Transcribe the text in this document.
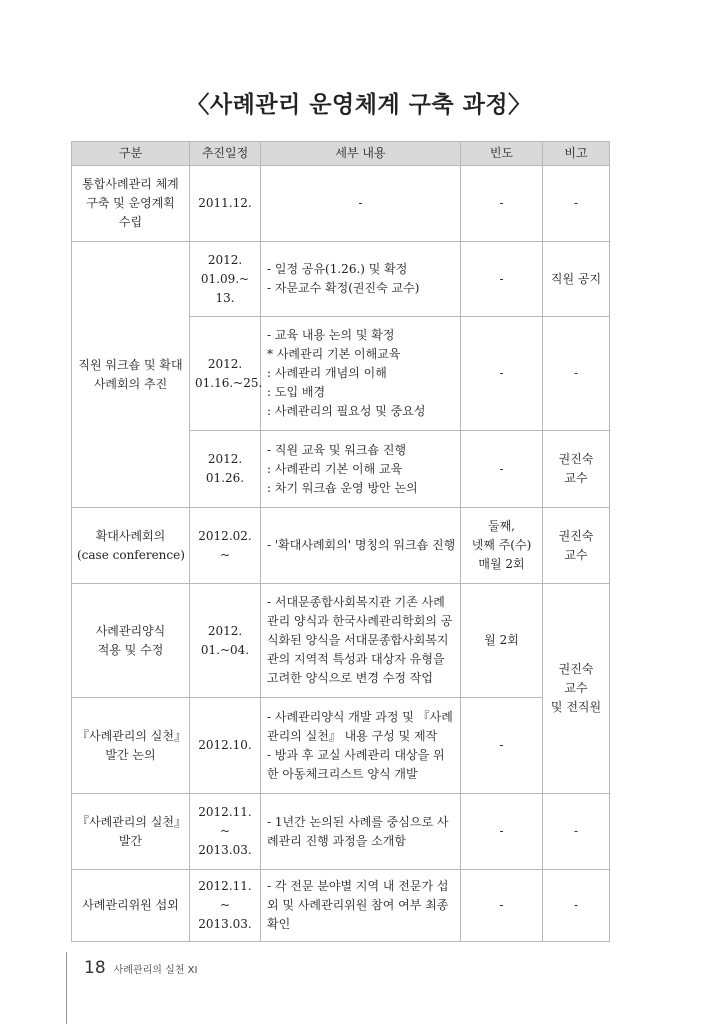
〈사례관리 운영체계 구축 과정〉
구분	추진일정	세부 내용	빈도	비고

통합사례관리 체계
구축 및 운영계획
수립	2011.12.	-	-	-

직원 워크숍 및 확대
사례회의 추진	2012.
01.09.~
13.	- 일정 공유(1.26.) 및 확정
- 자문교수 확정(권진숙 교수)	-	직원 공지

	2012.
01.16.~25.	- 교육 내용 논의 및 확정
* 사례관리 기본 이해교육
: 사례관리 개념의 이해
: 도입 배경
: 사례관리의 필요성 및 중요성	-	-

	2012.
01.26.	- 직원 교육 및 워크숍 진행
: 사례관리 기본 이해 교육
: 차기 워크숍 운영 방안 논의	-	권진숙
교수

확대사례회의
(case conference)	2012.02.
~	- '확대사례회의' 명칭의 워크숍 진행	둘째,
넷째 주(수)
매월 2회	권진숙
교수

사례관리양식
적용 및 수정	2012.
01.~04.	- 서대문종합사회복지관 기존 사례관리 양식과 한국사례관리학회의 공식화된 양식을 서대문종합사회복지관의 지역적 특성과 대상자 유형을 고려한 양식으로 변경 수정 작업	월 2회	권진숙
교수
및 전직원

『사례관리의 실천』
발간 논의	2012.10.	- 사례관리양식 개발 과정 및 『사례관리의 실천』 내용 구성 및 제작
- 방과 후 교실 사례관리 대상을 위한 아동체크리스트 양식 개발	-	

『사례관리의 실천』
발간	2012.11.
~
2013.03.	- 1년간 논의된 사례를 중심으로 사례관리 진행 과정을 소개함	-	-

사례관리위원 섭외	2012.11.
~
2013.03.	- 각 전문 분야별 지역 내 전문가 섭외 및 사례관리위원 참여 여부 최종 확인	-	-
18 사례관리의 실천 XI
